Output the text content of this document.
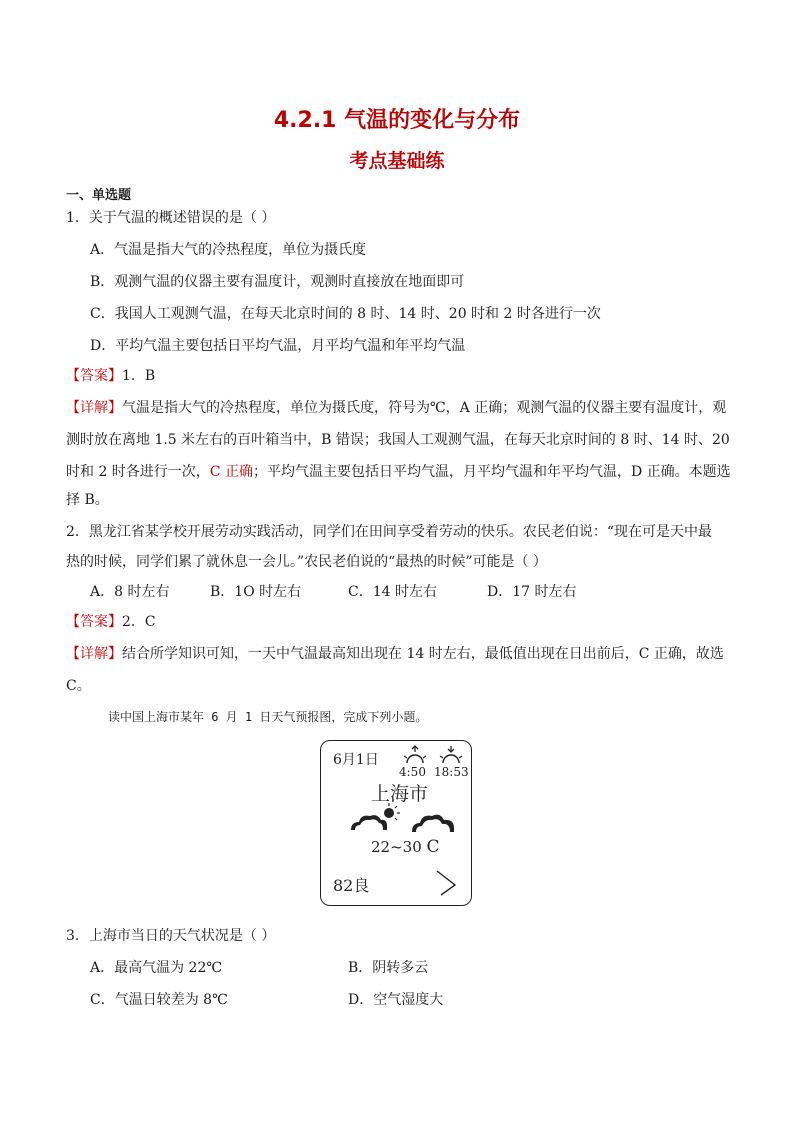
4.2.1 气温的变化与分布
考点基础练
一、单选题
1．关于气温的概述错误的是（ ）
A．气温是指大气的冷热程度，单位为摄氏度
B．观测气温的仪器主要有温度计，观测时直接放在地面即可
C．我国人工观测气温，在每天北京时间的 8 时、14 时、20 时和 2 时各进行一次
D．平均气温主要包括日平均气温，月平均气温和年平均气温
【答案】1．B
【详解】气温是指大气的冷热程度，单位为摄氏度，符号为℃，A 正确；观测气温的仪器主要有温度计，观
测时放在离地 1.5 米左右的百叶箱当中，B 错误；我国人工观测气温，在每天北京时间的 8 时、14 时、20
时和 2 时各进行一次，C 正确；平均气温主要包括日平均气温，月平均气温和年平均气温，D 正确。本题选
择 B。
2．黑龙江省某学校开展劳动实践活动，同学们在田间享受着劳动的快乐。农民老伯说：“现在可是天中最
热的时候，同学们累了就休息一会儿。”农民老伯说的“最热的时候”可能是（ ）
A．8 时左右	B．1O 时左右	C．14 时左右	D．17 时左右
【答案】2．C
【详解】结合所学知识可知，一天中气温最高知出现在 14 时左右，最低值出现在日出前后，C 正确，故选
C。
读中国上海市某年 6 月 1 日天气预报图，完成下列小题。
6月1日
4:50 18:53
上海市
22~30 C
82良
3．上海市当日的天气状况是（ ）
A．最高气温为 22℃	B．阴转多云
C．气温日较差为 8℃	D．空气湿度大
